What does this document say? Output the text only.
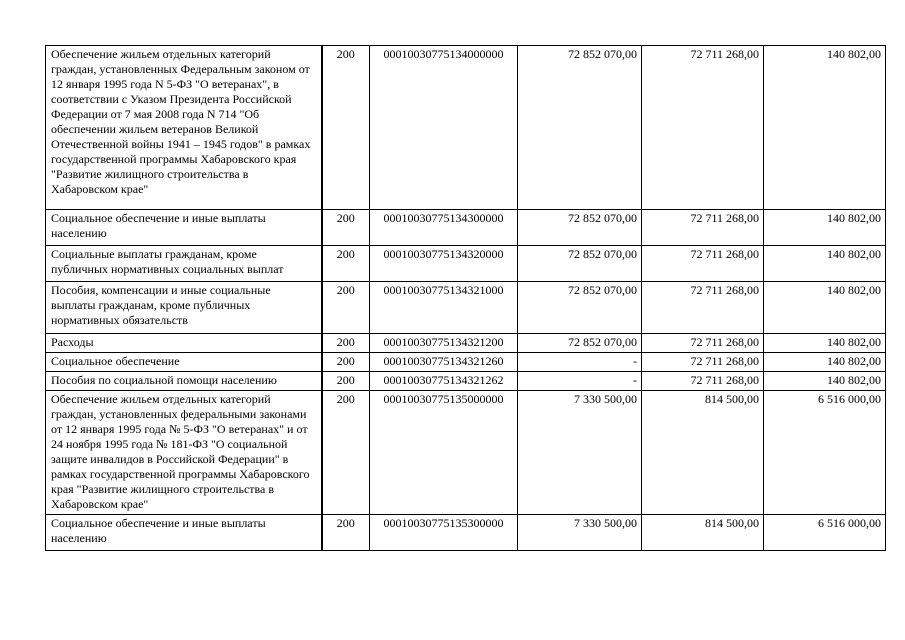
Обеспечение жильем отдельных категорий граждан, установленных Федеральным законом от 12 января 1995 года N 5-ФЗ "О ветеранах", в соответствии с Указом Президента Российской Федерации от 7 мая 2008 года N 714 "Об обеспечении жильем ветеранов Великой Отечественной войны 1941 – 1945 годов" в рамках государственной программы Хабаровского края "Развитие жилищного строительства в Хабаровском крае"	200	00010030775134000000	72 852 070,00	72 711 268,00	140 802,00
Социальное обеспечение и иные выплаты населению	200	00010030775134300000	72 852 070,00	72 711 268,00	140 802,00
Социальные выплаты гражданам, кроме публичных нормативных социальных выплат	200	00010030775134320000	72 852 070,00	72 711 268,00	140 802,00
Пособия, компенсации и иные социальные выплаты гражданам, кроме публичных нормативных обязательств	200	00010030775134321000	72 852 070,00	72 711 268,00	140 802,00
Расходы	200	00010030775134321200	72 852 070,00	72 711 268,00	140 802,00
Социальное обеспечение	200	00010030775134321260	-	72 711 268,00	140 802,00
Пособия по социальной помощи населению	200	00010030775134321262	-	72 711 268,00	140 802,00
Обеспечение жильем отдельных категорий граждан, установленных федеральными законами от 12 января 1995 года № 5-ФЗ "О ветеранах" и от 24 ноября 1995 года № 181-ФЗ "О социальной защите инвалидов в Российской Федерации" в рамках государственной программы Хабаровского края "Развитие жилищного строительства в Хабаровском крае"	200	00010030775135000000	7 330 500,00	814 500,00	6 516 000,00
Социальное обеспечение и иные выплаты населению	200	00010030775135300000	7 330 500,00	814 500,00	6 516 000,00
